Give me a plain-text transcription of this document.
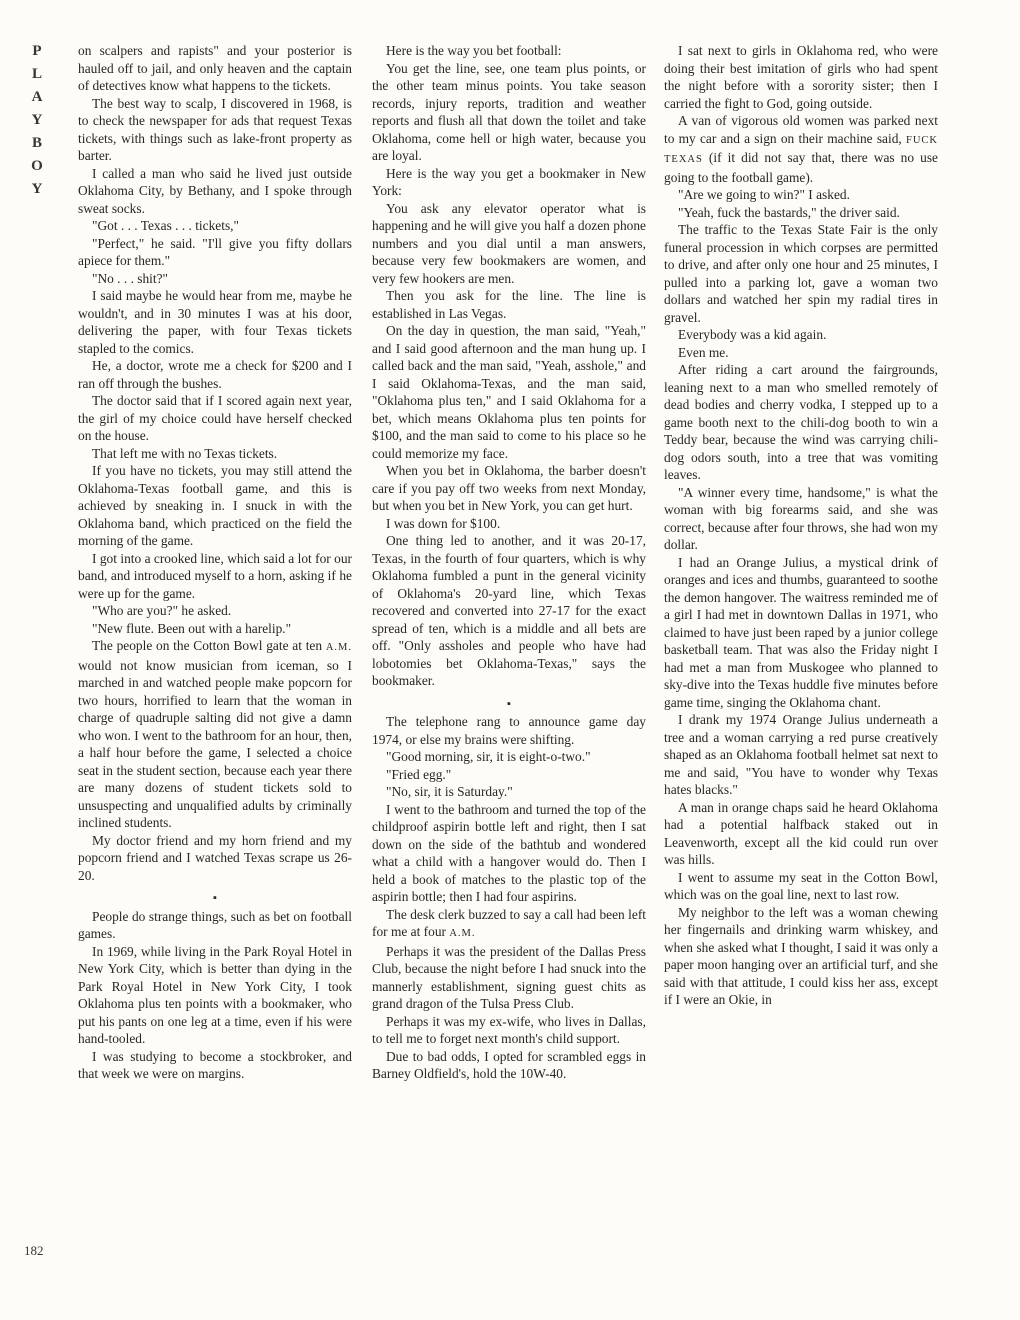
P
L
A
Y
B
O
Y
182

on scalpers and rapists" and your posterior is hauled off to jail, and only heaven and the captain of detectives know what happens to the tickets.

The best way to scalp, I discovered in 1968, is to check the newspaper for ads that request Texas tickets, with things such as lake-front property as barter.

I called a man who said he lived just outside Oklahoma City, by Bethany, and I spoke through sweat socks.

"Got . . . Texas . . . tickets,"

"Perfect," he said. "I'll give you fifty dollars apiece for them."

"No . . . shit?"

I said maybe he would hear from me, maybe he wouldn't, and in 30 minutes I was at his door, delivering the paper, with four Texas tickets stapled to the comics.

He, a doctor, wrote me a check for $200 and I ran off through the bushes.

The doctor said that if I scored again next year, the girl of my choice could have herself checked on the house.

That left me with no Texas tickets.

If you have no tickets, you may still attend the Oklahoma-Texas football game, and this is achieved by sneaking in. I snuck in with the Oklahoma band, which practiced on the field the morning of the game.

I got into a crooked line, which said a lot for our band, and introduced myself to a horn, asking if he were up for the game.

"Who are you?" he asked.

"New flute. Been out with a harelip."

The people on the Cotton Bowl gate at ten A.M. would not know musician from iceman, so I marched in and watched people make popcorn for two hours, horrified to learn that the woman in charge of quadruple salting did not give a damn who won. I went to the bathroom for an hour, then, a half hour before the game, I selected a choice seat in the student section, because each year there are many dozens of student tickets sold to unsuspecting and unqualified adults by criminally inclined students.

My doctor friend and my horn friend and my popcorn friend and I watched Texas scrape us 26-20.

▪

People do strange things, such as bet on football games.

In 1969, while living in the Park Royal Hotel in New York City, which is better than dying in the Park Royal Hotel in New York City, I took Oklahoma plus ten points with a bookmaker, who put his pants on one leg at a time, even if his were hand-tooled.

I was studying to become a stockbroker, and that week we were on margins.

Here is the way you bet football:

You get the line, see, one team plus points, or the other team minus points. You take season records, injury reports, tradition and weather reports and flush all that down the toilet and take Oklahoma, come hell or high water, because you are loyal.

Here is the way you get a bookmaker in New York:

You ask any elevator operator what is happening and he will give you half a dozen phone numbers and you dial until a man answers, because very few bookmakers are women, and very few hookers are men.

Then you ask for the line. The line is established in Las Vegas.

On the day in question, the man said, "Yeah," and I said good afternoon and the man hung up. I called back and the man said, "Yeah, asshole," and I said Oklahoma-Texas, and the man said, "Oklahoma plus ten," and I said Oklahoma for a bet, which means Oklahoma plus ten points for $100, and the man said to come to his place so he could memorize my face.

When you bet in Oklahoma, the barber doesn't care if you pay off two weeks from next Monday, but when you bet in New York, you can get hurt.

I was down for $100.

One thing led to another, and it was 20-17, Texas, in the fourth of four quarters, which is why Oklahoma fumbled a punt in the general vicinity of Oklahoma's 20-yard line, which Texas recovered and converted into 27-17 for the exact spread of ten, which is a middle and all bets are off. "Only assholes and people who have had lobotomies bet Oklahoma-Texas," says the bookmaker.

▪

The telephone rang to announce game day 1974, or else my brains were shifting.

"Good morning, sir, it is eight-o-two."

"Fried egg."

"No, sir, it is Saturday."

I went to the bathroom and turned the top of the childproof aspirin bottle left and right, then I sat down on the side of the bathtub and wondered what a child with a hangover would do. Then I held a book of matches to the plastic top of the aspirin bottle; then I had four aspirins.

The desk clerk buzzed to say a call had been left for me at four A.M.

Perhaps it was the president of the Dallas Press Club, because the night before I had snuck into the mannerly establishment, signing guest chits as grand dragon of the Tulsa Press Club.

Perhaps it was my ex-wife, who lives in Dallas, to tell me to forget next month's child support.

Due to bad odds, I opted for scrambled eggs in Barney Oldfield's, hold the 10W-40.

I sat next to girls in Oklahoma red, who were doing their best imitation of girls who had spent the night before with a sorority sister; then I carried the fight to God, going outside.

A van of vigorous old women was parked next to my car and a sign on their machine said, FUCK TEXAS (if it did not say that, there was no use going to the football game).

"Are we going to win?" I asked.

"Yeah, fuck the bastards," the driver said.

The traffic to the Texas State Fair is the only funeral procession in which corpses are permitted to drive, and after only one hour and 25 minutes, I pulled into a parking lot, gave a woman two dollars and watched her spin my radial tires in gravel.

Everybody was a kid again.

Even me.

After riding a cart around the fairgrounds, leaning next to a man who smelled remotely of dead bodies and cherry vodka, I stepped up to a game booth next to the chili-dog booth to win a Teddy bear, because the wind was carrying chili-dog odors south, into a tree that was vomiting leaves.

"A winner every time, handsome," is what the woman with big forearms said, and she was correct, because after four throws, she had won my dollar.

I had an Orange Julius, a mystical drink of oranges and ices and thumbs, guaranteed to soothe the demon hangover. The waitress reminded me of a girl I had met in downtown Dallas in 1971, who claimed to have just been raped by a junior college basketball team. That was also the Friday night I had met a man from Muskogee who planned to sky-dive into the Texas huddle five minutes before game time, singing the Oklahoma chant.

I drank my 1974 Orange Julius underneath a tree and a woman carrying a red purse creatively shaped as an Oklahoma football helmet sat next to me and said, "You have to wonder why Texas hates blacks."

A man in orange chaps said he heard Oklahoma had a potential halfback staked out in Leavenworth, except all the kid could run over was hills.

I went to assume my seat in the Cotton Bowl, which was on the goal line, next to last row.

My neighbor to the left was a woman chewing her fingernails and drinking warm whiskey, and when she asked what I thought, I said it was only a paper moon hanging over an artificial turf, and she said with that attitude, I could kiss her ass, except if I were an Okie, in
